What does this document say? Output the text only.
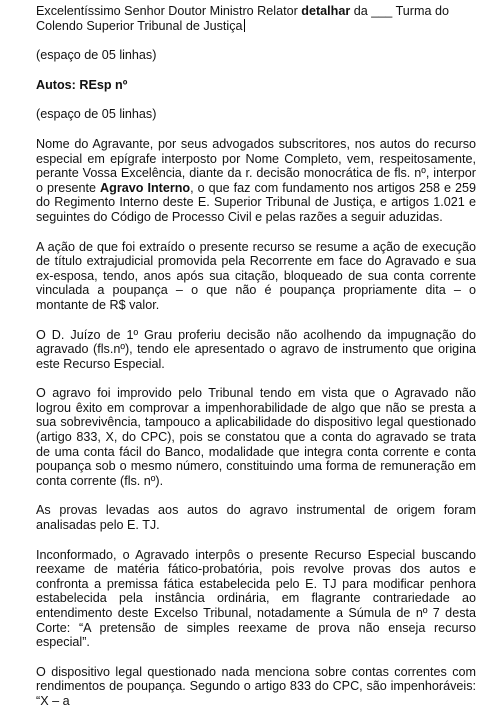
Excelentíssimo Senhor Doutor Ministro Relator detalhar da ___ Turma do Colendo Superior Tribunal de Justiça

(espaço de 05 linhas)

Autos: REsp nº

(espaço de 05 linhas)

Nome do Agravante, por seus advogados subscritores, nos autos do recurso especial em epígrafe interposto por Nome Completo, vem, respeitosamente, perante Vossa Excelência, diante da r. decisão monocrática de fls. nº, interpor o presente Agravo Interno, o que faz com fundamento nos artigos 258 e 259 do Regimento Interno deste E. Superior Tribunal de Justiça, e artigos 1.021 e seguintes do Código de Processo Civil e pelas razões a seguir aduzidas.

A ação de que foi extraído o presente recurso se resume a ação de execução de título extrajudicial promovida pela Recorrente em face do Agravado e sua ex-esposa, tendo, anos após sua citação, bloqueado de sua conta corrente vinculada a poupança – o que não é poupança propriamente dita – o montante de R$ valor.

O D. Juízo de 1º Grau proferiu decisão não acolhendo da impugnação do agravado (fls.nº), tendo ele apresentado o agravo de instrumento que origina este Recurso Especial.

O agravo foi improvido pelo Tribunal tendo em vista que o Agravado não logrou êxito em comprovar a impenhorabilidade de algo que não se presta a sua sobrevivência, tampouco a aplicabilidade do dispositivo legal questionado (artigo 833, X, do CPC), pois se constatou que a conta do agravado se trata de uma conta fácil do Banco, modalidade que integra conta corrente e conta poupança sob o mesmo número, constituindo uma forma de remuneração em conta corrente (fls. nº).

As provas levadas aos autos do agravo instrumental de origem foram analisadas pelo E. TJ.

Inconformado, o Agravado interpôs o presente Recurso Especial buscando reexame de matéria fático-probatória, pois revolve provas dos autos e confronta a premissa fática estabelecida pelo E. TJ para modificar penhora estabelecida pela instância ordinária, em flagrante contrariedade ao entendimento deste Excelso Tribunal, notadamente a Súmula de nº 7 desta Corte: “A pretensão de simples reexame de prova não enseja recurso especial”.

O dispositivo legal questionado nada menciona sobre contas correntes com rendimentos de poupança. Segundo o artigo 833 do CPC, são impenhoráveis: “X – a
